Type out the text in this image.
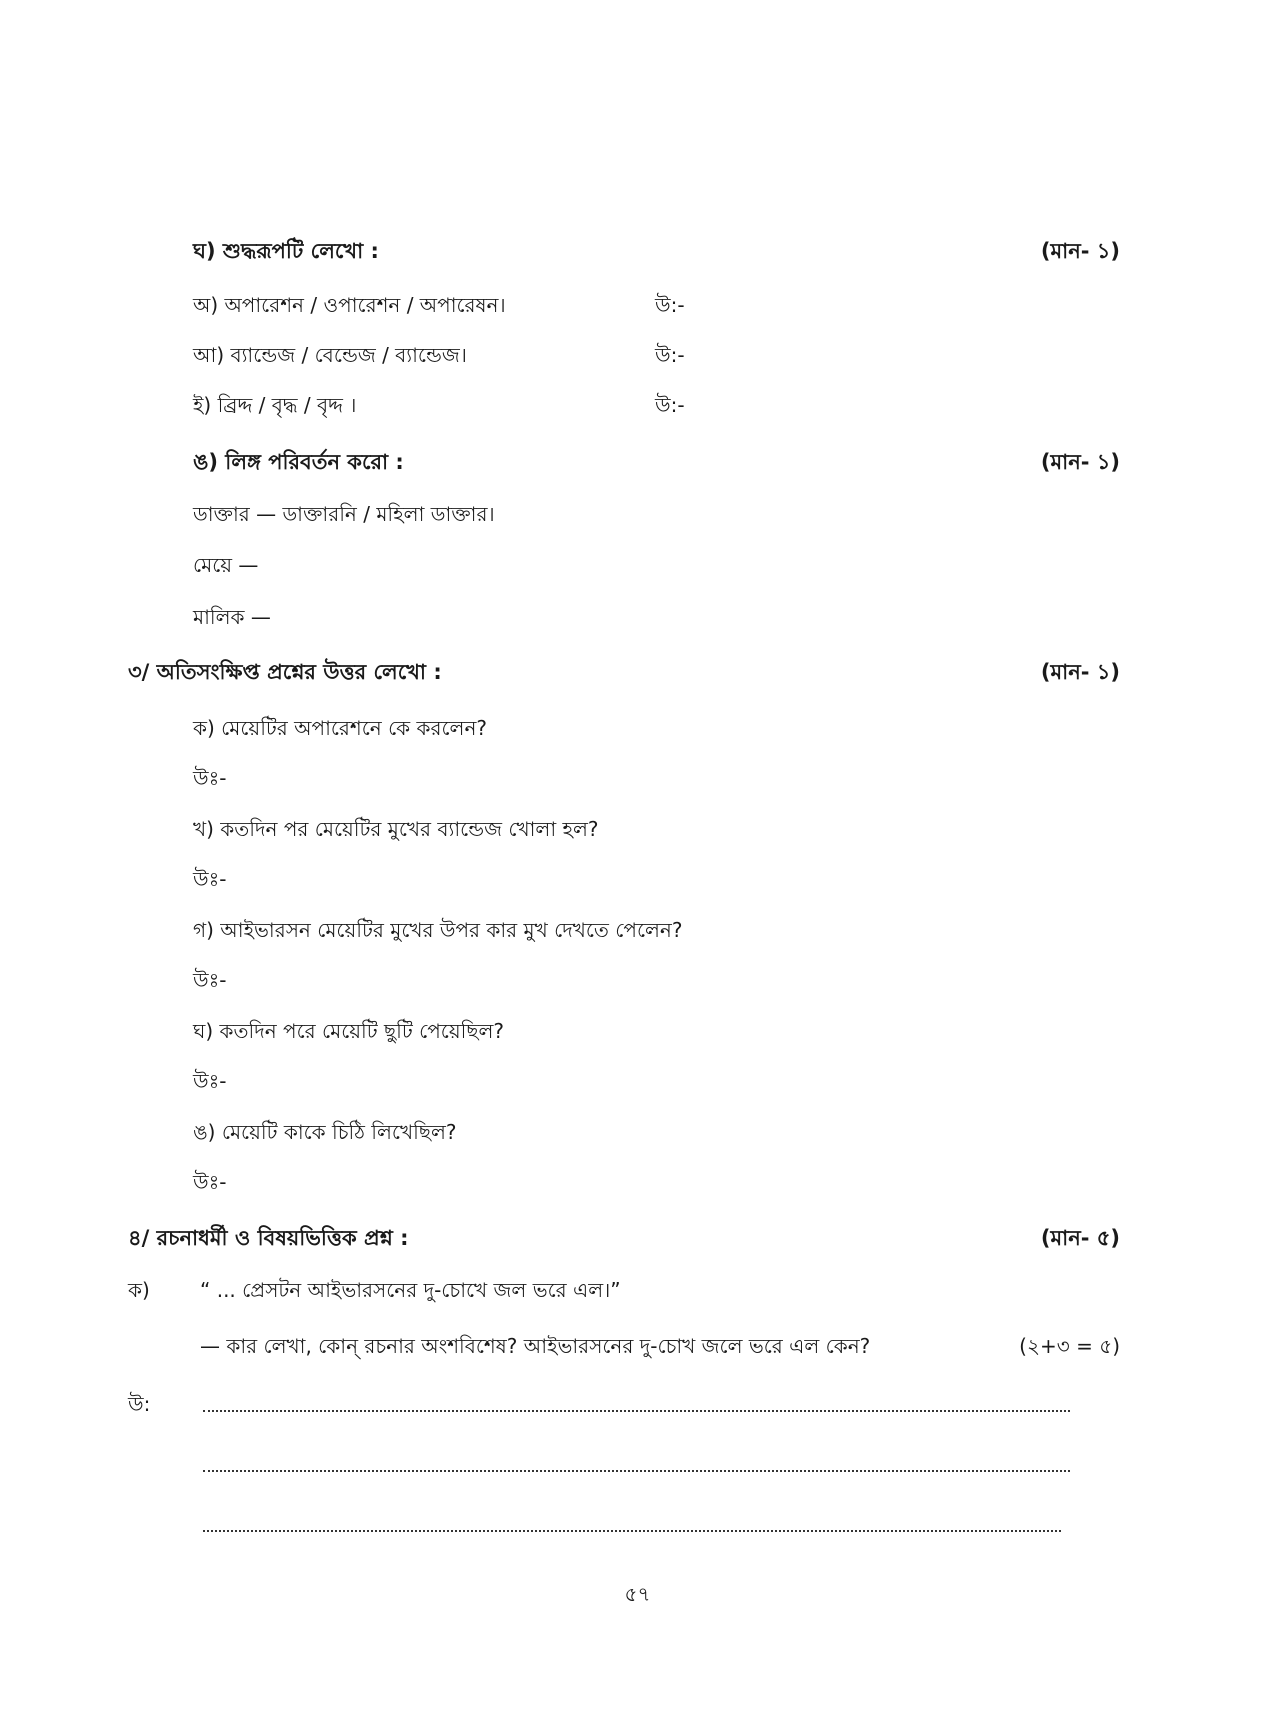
ঘ) শুদ্ধরূপটি লেখো :	(মান- ১)
অ) অপারেশন / ওপারেশন / অপারেষন।	উ:-
আ) ব্যান্ডেজ / বেন্ডেজ / ব্যান্ডেজ।	উ:-
ই) ব্রিদ্দ / বৃদ্ধ / বৃদ্দ ।	উ:-
ঙ) লিঙ্গ পরিবর্তন করো :	(মান- ১)
ডাক্তার — ডাক্তারনি / মহিলা ডাক্তার।
মেয়ে —
মালিক —
৩/ অতিসংক্ষিপ্ত প্রশ্নের উত্তর লেখো :	(মান- ১)
ক) মেয়েটির অপারেশনে কে করলেন?
উঃ-
খ) কতদিন পর মেয়েটির মুখের ব্যান্ডেজ খোলা হল?
উঃ-
গ) আইভারসন মেয়েটির মুখের উপর কার মুখ দেখতে পেলেন?
উঃ-
ঘ) কতদিন পরে মেয়েটি ছুটি পেয়েছিল?
উঃ-
ঙ) মেয়েটি কাকে চিঠি লিখেছিল?
উঃ-
৪/ রচনাধর্মী ও বিষয়ভিত্তিক প্রশ্ন :	(মান- ৫)
ক)	“ ... প্রেসটন আইভারসনের দু-চোখে জল ভরে এল।”
— কার লেখা, কোন্ রচনার অংশবিশেষ? আইভারসনের দু-চোখ জলে ভরে এল কেন?	(২+৩ = ৫)
উ:
৫৭
